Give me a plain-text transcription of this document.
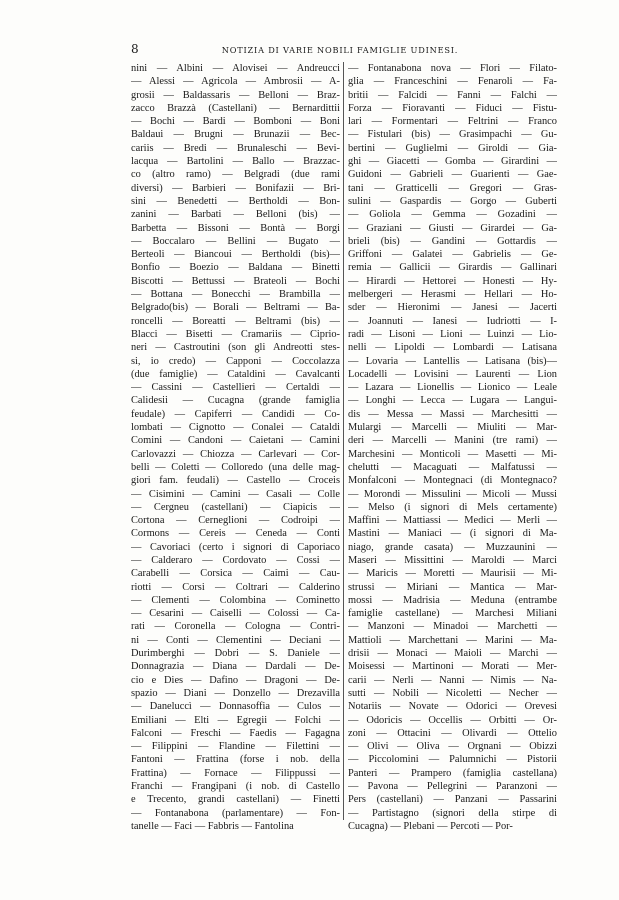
8	NOTIZIA DI VARIE NOBILI FAMIGLIE UDINESI.
nini — Albini — Alovisei — Andreucci
— Alessi — Agricola — Ambrosii — A-
grosii — Baldassaris — Belloni — Braz-
zacco Brazzà (Castellani) — Bernardittii
— Bochi — Bardi — Bomboni — Boni
Baldaui — Brugni — Brunazii — Bec-
cariis — Bredi — Brunaleschi — Bevi-
lacqua — Bartolini — Ballo — Brazzac-
co (altro ramo) — Belgradi (due rami
diversi) — Barbieri — Bonifazii — Bri-
sini — Benedetti — Bertholdi — Bon-
zanini — Barbati — Belloni (bis) —
Barbetta — Bissoni — Bontà — Borgi
— Boccalaro — Bellini — Bugato —
Berteoli — Biancoui — Bertholdi (bis)—
Bonfio — Boezio — Baldana — Binetti
Biscotti — Bettussi — Brateoli — Bochi
— Bottana — Bonecchi — Brambilla —
Belgrado(bis) — Borali — Beltrami — Ba-
roncelli — Boreatti — Beltrami (bis) —
Blacci — Bisetti — Cramariis — Ciprio-
neri — Castroutini (son gli Andreotti stes-
si, io credo) — Capponi — Coccolazza
(due famiglie) — Cataldini — Cavalcanti
— Cassini — Castellieri — Certaldi —
Calidesii — Cucagna (grande famiglia
feudale) — Capiferri — Candidi — Co-
lombati — Cignotto — Conalei — Cataldi
Comini — Candoni — Caietani — Camini
Carlovazzi — Chiozza — Carlevari — Cor-
belli — Coletti — Colloredo (una delle mag-
giori fam. feudali) — Castello — Croceis
— Cisimini — Camini — Casali — Colle
— Cergneu (castellani) — Ciapicis —
Cortona — Cerneglioni — Codroipi —
Cormons — Cereis — Ceneda — Conti
— Cavoriaci (certo i signori di Caporiaco
— Calderaro — Cordovato — Cossi —
Carabelli — Corsica — Caimi — Cau-
riotti — Corsi — Coltrari — Calderino
— Clementi — Colombina — Cominetto
— Cesarini — Caiselli — Colossi — Ca-
rati — Coronella — Cologna — Contri-
ni — Conti — Clementini — Deciani —
Durimberghi — Dobri — S. Daniele —
Donnagrazia — Diana — Dardali — De-
cio e Dies — Dafino — Dragoni — De-
spazio — Diani — Donzello — Drezavilla
— Daneluccì — Donnasoffia — Culos —
Emiliani — Elti — Egregii — Folchi —
Falconi — Freschi — Faedis — Fagagna
— Filippini — Flandine — Filettini —
Fantoni — Frattina (forse i nob. della
Frattina) — Fornace — Filippussi —
Franchi — Frangipani (i nob. di Castello
e Trecento, grandi castellani) — Finetti
— Fontanabona (parlamentare) — Fon-
tanelle — Faci — Fabbris — Fantolina
— Fontanabona nova — Flori — Filato-
glia — Franceschini — Fenaroli — Fa-
britii — Falcidi — Fanni — Falchi —
Forza — Fioravanti — Fiduci — Fistu-
lari — Formentari — Feltrini — Franco
— Fistulari (bis) — Grasimpachi — Gu-
bertini — Guglielmi — Giroldi — Gia-
ghi — Giacetti — Gomba — Girardini —
Guidoni — Gabrieli — Guarienti — Gae-
tani — Gratticelli — Gregori — Gras-
sulini — Gaspardis — Gorgo — Guberti
— Goliola — Gemma — Gozadini —
— Graziani — Giusti — Girardei — Ga-
brieli (bis) — Gandini — Gottardis —
Griffoni — Galatei — Gabrielis — Ge-
remia — Gallicii — Girardis — Gallinari
— Hirardi — Hettorei — Honesti — Hy-
melbergeri — Herasmi — Hellari — Ho-
sder — Hieronimi — Janesi — Jacerti
— Joannuti — Ianesi — Iudriotti — I-
radi — Lisoni — Lioni — Luinzi — Lio-
nelli — Lipoldi — Lombardi — Latisana
— Lovaria — Lantellis — Latisana (bis)—
Locadelli — Lovisini — Laurenti — Lion
— Lazara — Lionellis — Lionico — Leale
— Longhi — Lecca — Lugara — Langui-
dis — Messa — Massi — Marchesitti —
Mulargi — Marcelli — Miuliti — Mar-
deri — Marcelli — Manini (tre rami) —
Marchesini — Monticoli — Masetti — Mi-
chelutti — Macaguati — Malfatussi —
Monfalconi — Montegnaci (di Montegnaco?
— Morondi — Missulini — Micoli — Mussi
— Melso (i signori di Mels certamente)
Maffini — Mattiassi — Medici — Merli —
Mastini — Maniaci — (i signori di Ma-
niago, grande casata) — Muzzaunini —
Maseri — Missittini — Maroldi — Marci
— Maricis — Moretti — Maurisii — Mi-
strussi — Miriani — Mantica — Mar-
mossi — Madrisia — Meduna (entrambe
famiglie castellane) — Marchesi Miliani
— Manzoni — Minadoi — Marchetti —
Mattioli — Marchettani — Marini — Ma-
drisii — Monaci — Maioli — Marchi —
Moisessi — Martinoni — Morati — Mer-
carii — Nerli — Nanni — Nimis — Na-
sutti — Nobili — Nicoletti — Necher —
Notariis — Novate — Odorici — Orevesi
— Odoricis — Occellis — Orbitti — Or-
zoni — Ottacini — Olivardi — Ottelio
— Olivi — Oliva — Orgnani — Obizzi
— Piccolomini — Palumnichi — Pistorii
Panteri — Prampero (famiglia castellana)
— Pavona — Pellegrini — Paranzoni —
Pers (castellani) — Panzani — Passarini
— Partistagno (signori della stirpe di
Cucagna) — Plebani — Percoti — Por-
